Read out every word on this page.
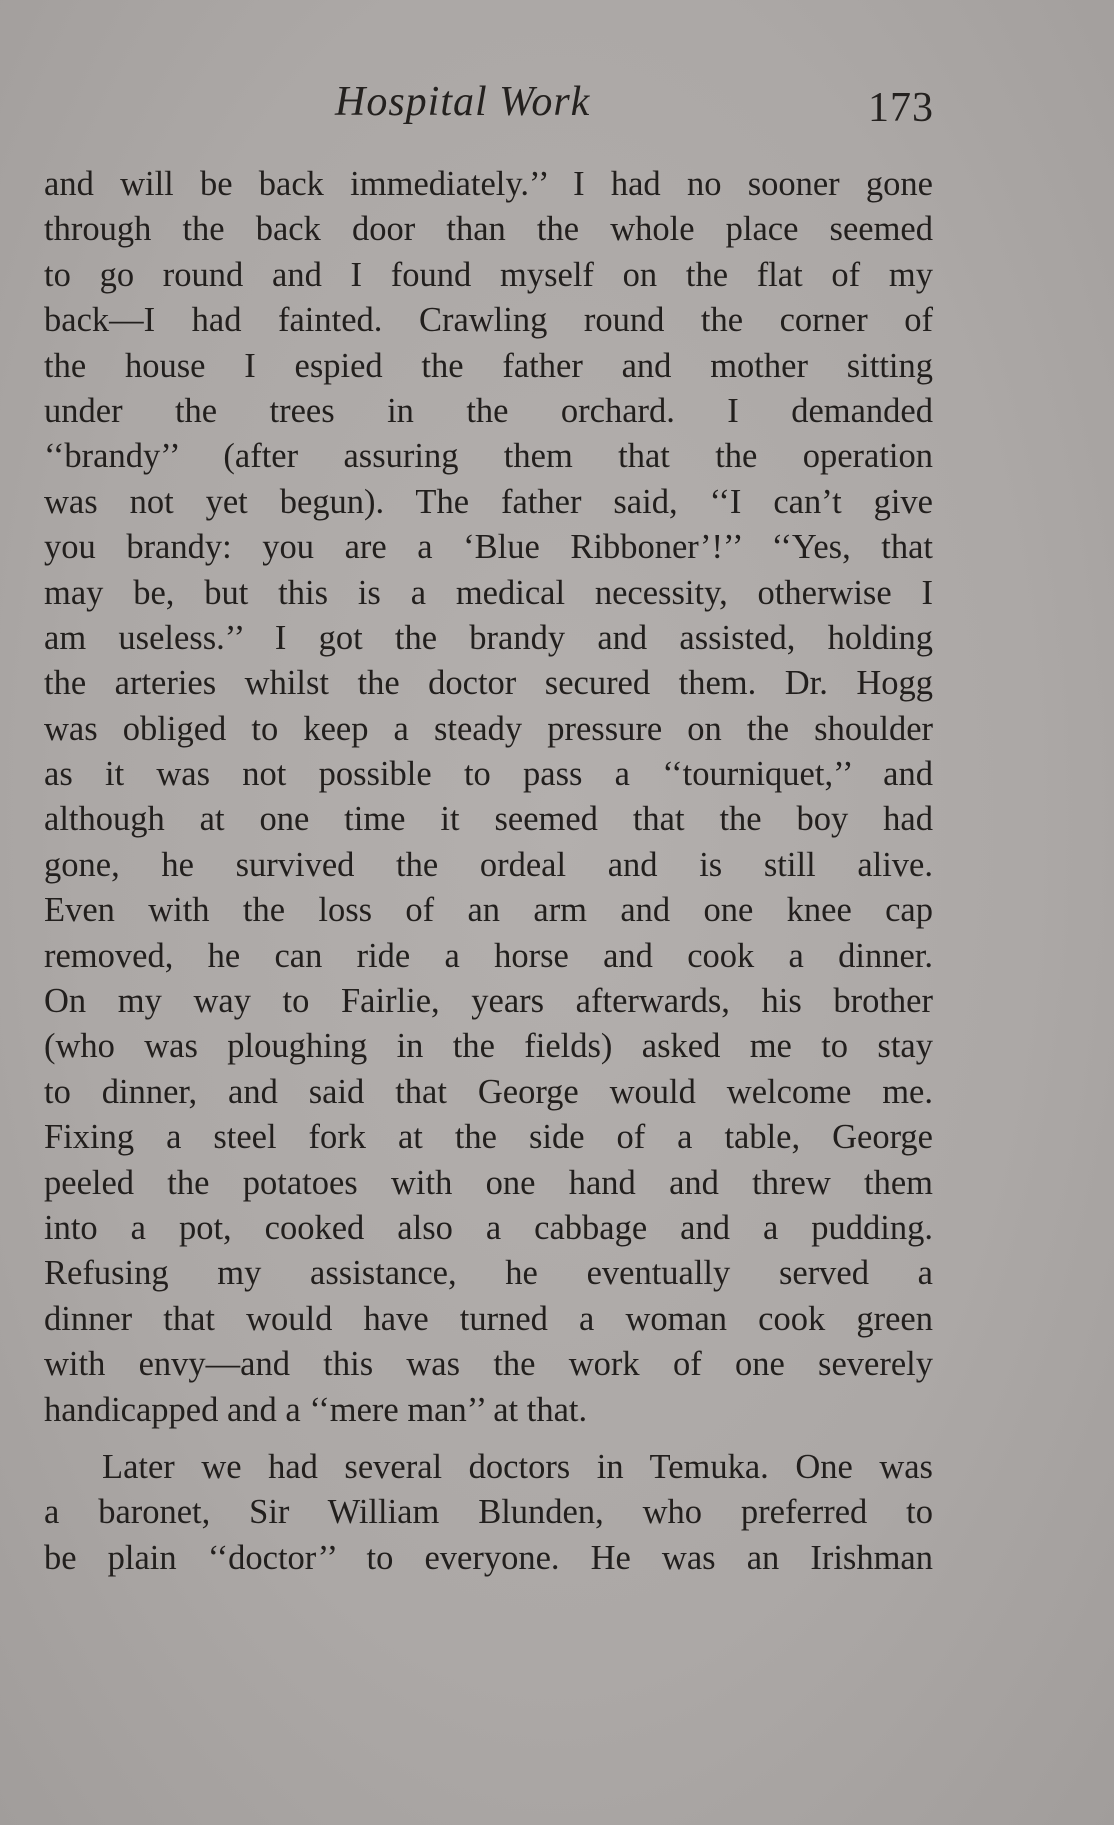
Hospital Work	173
and will be back immediately.’’ I had no sooner gone
through the back door than the whole place seemed
to go round and I found myself on the flat of my
back—I had fainted. Crawling round the corner of
the house I espied the father and mother sitting
under the trees in the orchard. I demanded
‘‘brandy’’ (after assuring them that the operation
was not yet begun). The father said, ‘‘I can’t give
you brandy: you are a ‘Blue Ribboner’!’’ ‘‘Yes, that
may be, but this is a medical necessity, otherwise I
am useless.’’ I got the brandy and assisted, holding
the arteries whilst the doctor secured them. Dr. Hogg
was obliged to keep a steady pressure on the shoulder
as it was not possible to pass a ‘‘tourniquet,’’ and
although at one time it seemed that the boy had
gone, he survived the ordeal and is still alive.
Even with the loss of an arm and one knee cap
removed, he can ride a horse and cook a dinner.
On my way to Fairlie, years afterwards, his brother
(who was ploughing in the fields) asked me to stay
to dinner, and said that George would welcome me.
Fixing a steel fork at the side of a table, George
peeled the potatoes with one hand and threw them
into a pot, cooked also a cabbage and a pudding.
Refusing my assistance, he eventually served a
dinner that would have turned a woman cook green
with envy—and this was the work of one severely
handicapped and a ‘‘mere man’’ at that.
Later we had several doctors in Temuka. One was
a baronet, Sir William Blunden, who preferred to
be plain ‘‘doctor’’ to everyone. He was an Irishman
